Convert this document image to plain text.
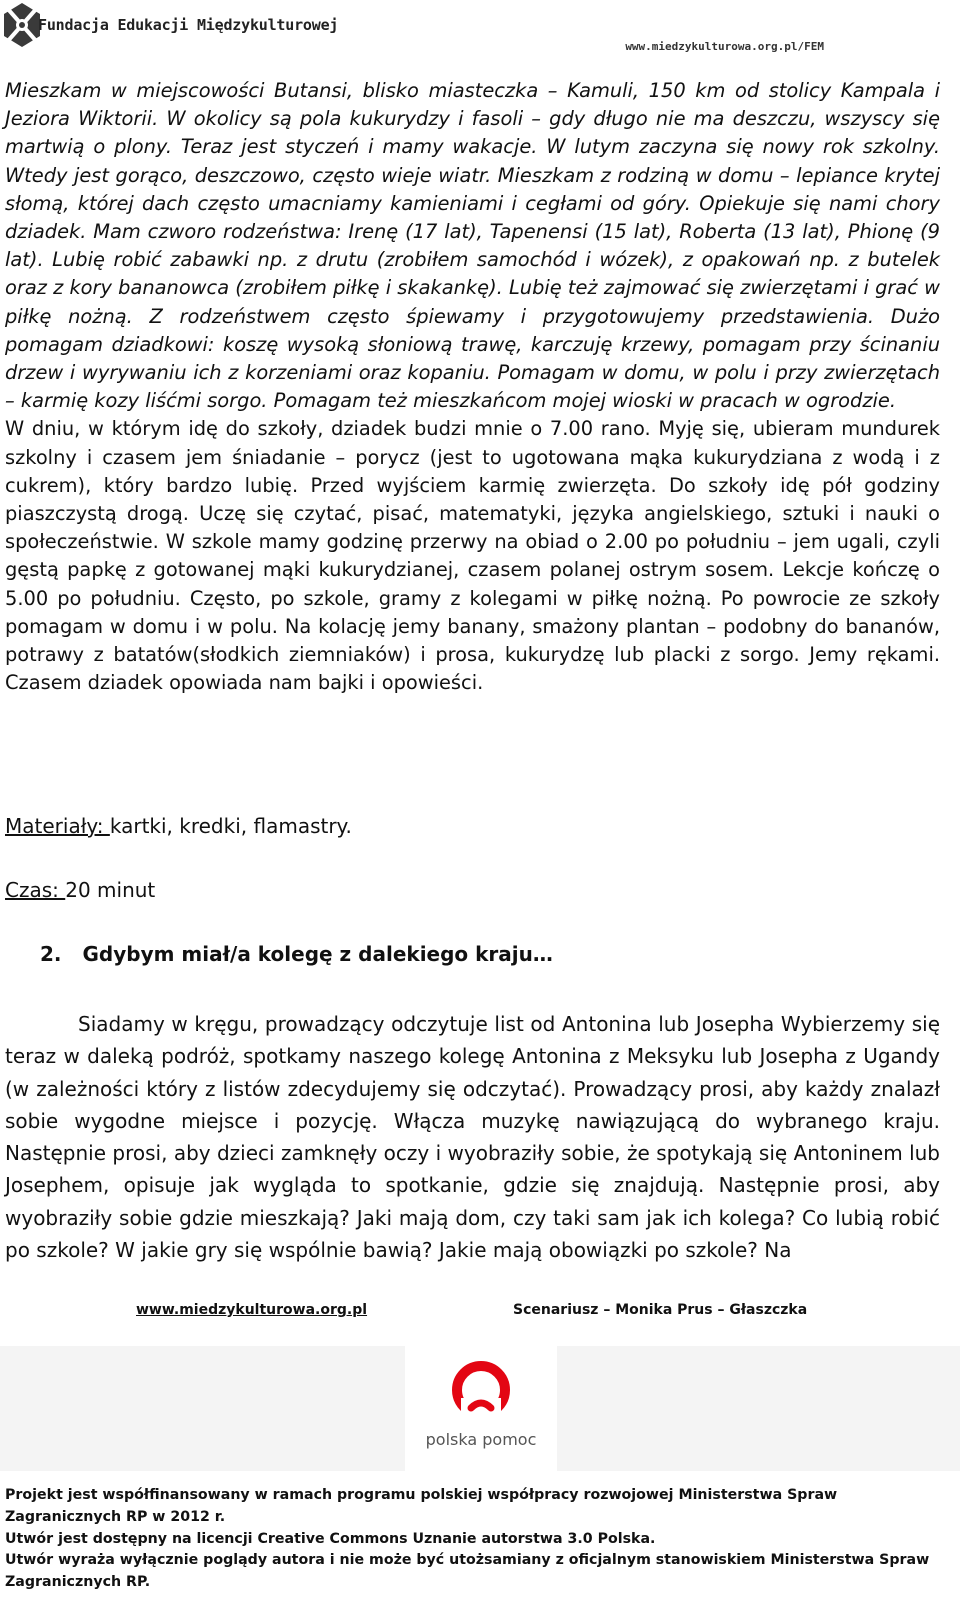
Fundacja Edukacji Międzykulturowej
www.miedzykulturowa.org.pl/FEM

Mieszkam w miejscowości Butansi, blisko miasteczka – Kamuli, 150 km od stolicy Kampala i Jeziora Wiktorii. W okolicy są pola kukurydzy i fasoli – gdy długo nie ma deszczu, wszyscy się martwią o plony. Teraz jest styczeń i mamy wakacje. W lutym zaczyna się nowy rok szkolny. Wtedy jest gorąco, deszczowo, często wieje wiatr. Mieszkam z rodziną w domu – lepiance krytej słomą, której dach często umacniamy kamieniami i cegłami od góry. Opiekuje się nami chory dziadek. Mam czworo rodzeństwa: Irenę (17 lat), Tapenensi (15 lat), Roberta (13 lat), Phionę (9 lat). Lubię robić zabawki np. z drutu (zrobiłem samochód i wózek), z opakowań np. z butelek oraz z kory bananowca (zrobiłem piłkę i skakankę). Lubię też zajmować się zwierzętami i grać w piłkę nożną. Z rodzeństwem często śpiewamy i przygotowujemy przedstawienia. Dużo pomagam dziadkowi: koszę wysoką słoniową trawę, karczuję krzewy, pomagam przy ścinaniu drzew i wyrywaniu ich z korzeniami oraz kopaniu. Pomagam w domu, w polu i przy zwierzętach – karmię kozy liśćmi sorgo. Pomagam też mieszkańcom mojej wioski w pracach w ogrodzie.

W dniu, w którym idę do szkoły, dziadek budzi mnie o 7.00 rano. Myję się, ubieram mundurek szkolny i czasem jem śniadanie – porycz (jest to ugotowana mąka kukurydziana z wodą i z cukrem), który bardzo lubię. Przed wyjściem karmię zwierzęta. Do szkoły idę pół godziny piaszczystą drogą. Uczę się czytać, pisać, matematyki, języka angielskiego, sztuki i nauki o społeczeństwie. W szkole mamy godzinę przerwy na obiad o 2.00 po południu – jem ugali, czyli gęstą papkę z gotowanej mąki kukurydzianej, czasem polanej ostrym sosem. Lekcje kończę o 5.00 po południu. Często, po szkole, gramy z kolegami w piłkę nożną. Po powrocie ze szkoły pomagam w domu i w polu. Na kolację jemy banany, smażony plantan – podobny do bananów, potrawy z batatów(słodkich ziemniaków) i prosa, kukurydzę lub placki z sorgo. Jemy rękami. Czasem dziadek opowiada nam bajki i opowieści.

Materiały: kartki, kredki, flamastry.
Czas: 20 minut
2. Gdybym miał/a kolegę z dalekiego kraju…
Siadamy w kręgu, prowadzący odczytuje list od Antonina lub Josepha Wybierzemy się teraz w daleką podróż, spotkamy naszego kolegę Antonina z Meksyku lub Josepha z Ugandy (w zależności który z listów zdecydujemy się odczytać). Prowadzący prosi, aby każdy znalazł sobie wygodne miejsce i pozycję. Włącza muzykę nawiązującą do wybranego kraju. Następnie prosi, aby dzieci zamknęły oczy i wyobraziły sobie, że spotykają się Antoninem lub Josephem, opisuje jak wygląda to spotkanie, gdzie się znajdują. Następnie prosi, aby wyobraziły sobie gdzie mieszkają? Jaki mają dom, czy taki sam jak ich kolega? Co lubią robić po szkole? W jakie gry się wspólnie bawią? Jakie mają obowiązki po szkole? Na
www.miedzykulturowa.org.pl	Scenariusz – Monika Prus – Głaszczka
polska pomoc

Projekt jest współfinansowany w ramach programu polskiej współpracy rozwojowej Ministerstwa Spraw Zagranicznych RP w 2012 r.

Utwór jest dostępny na licencji Creative Commons Uznanie autorstwa 3.0 Polska.

Utwór wyraża wyłącznie poglądy autora i nie może być utożsamiany z oficjalnym stanowiskiem Ministerstwa Spraw Zagranicznych RP.
